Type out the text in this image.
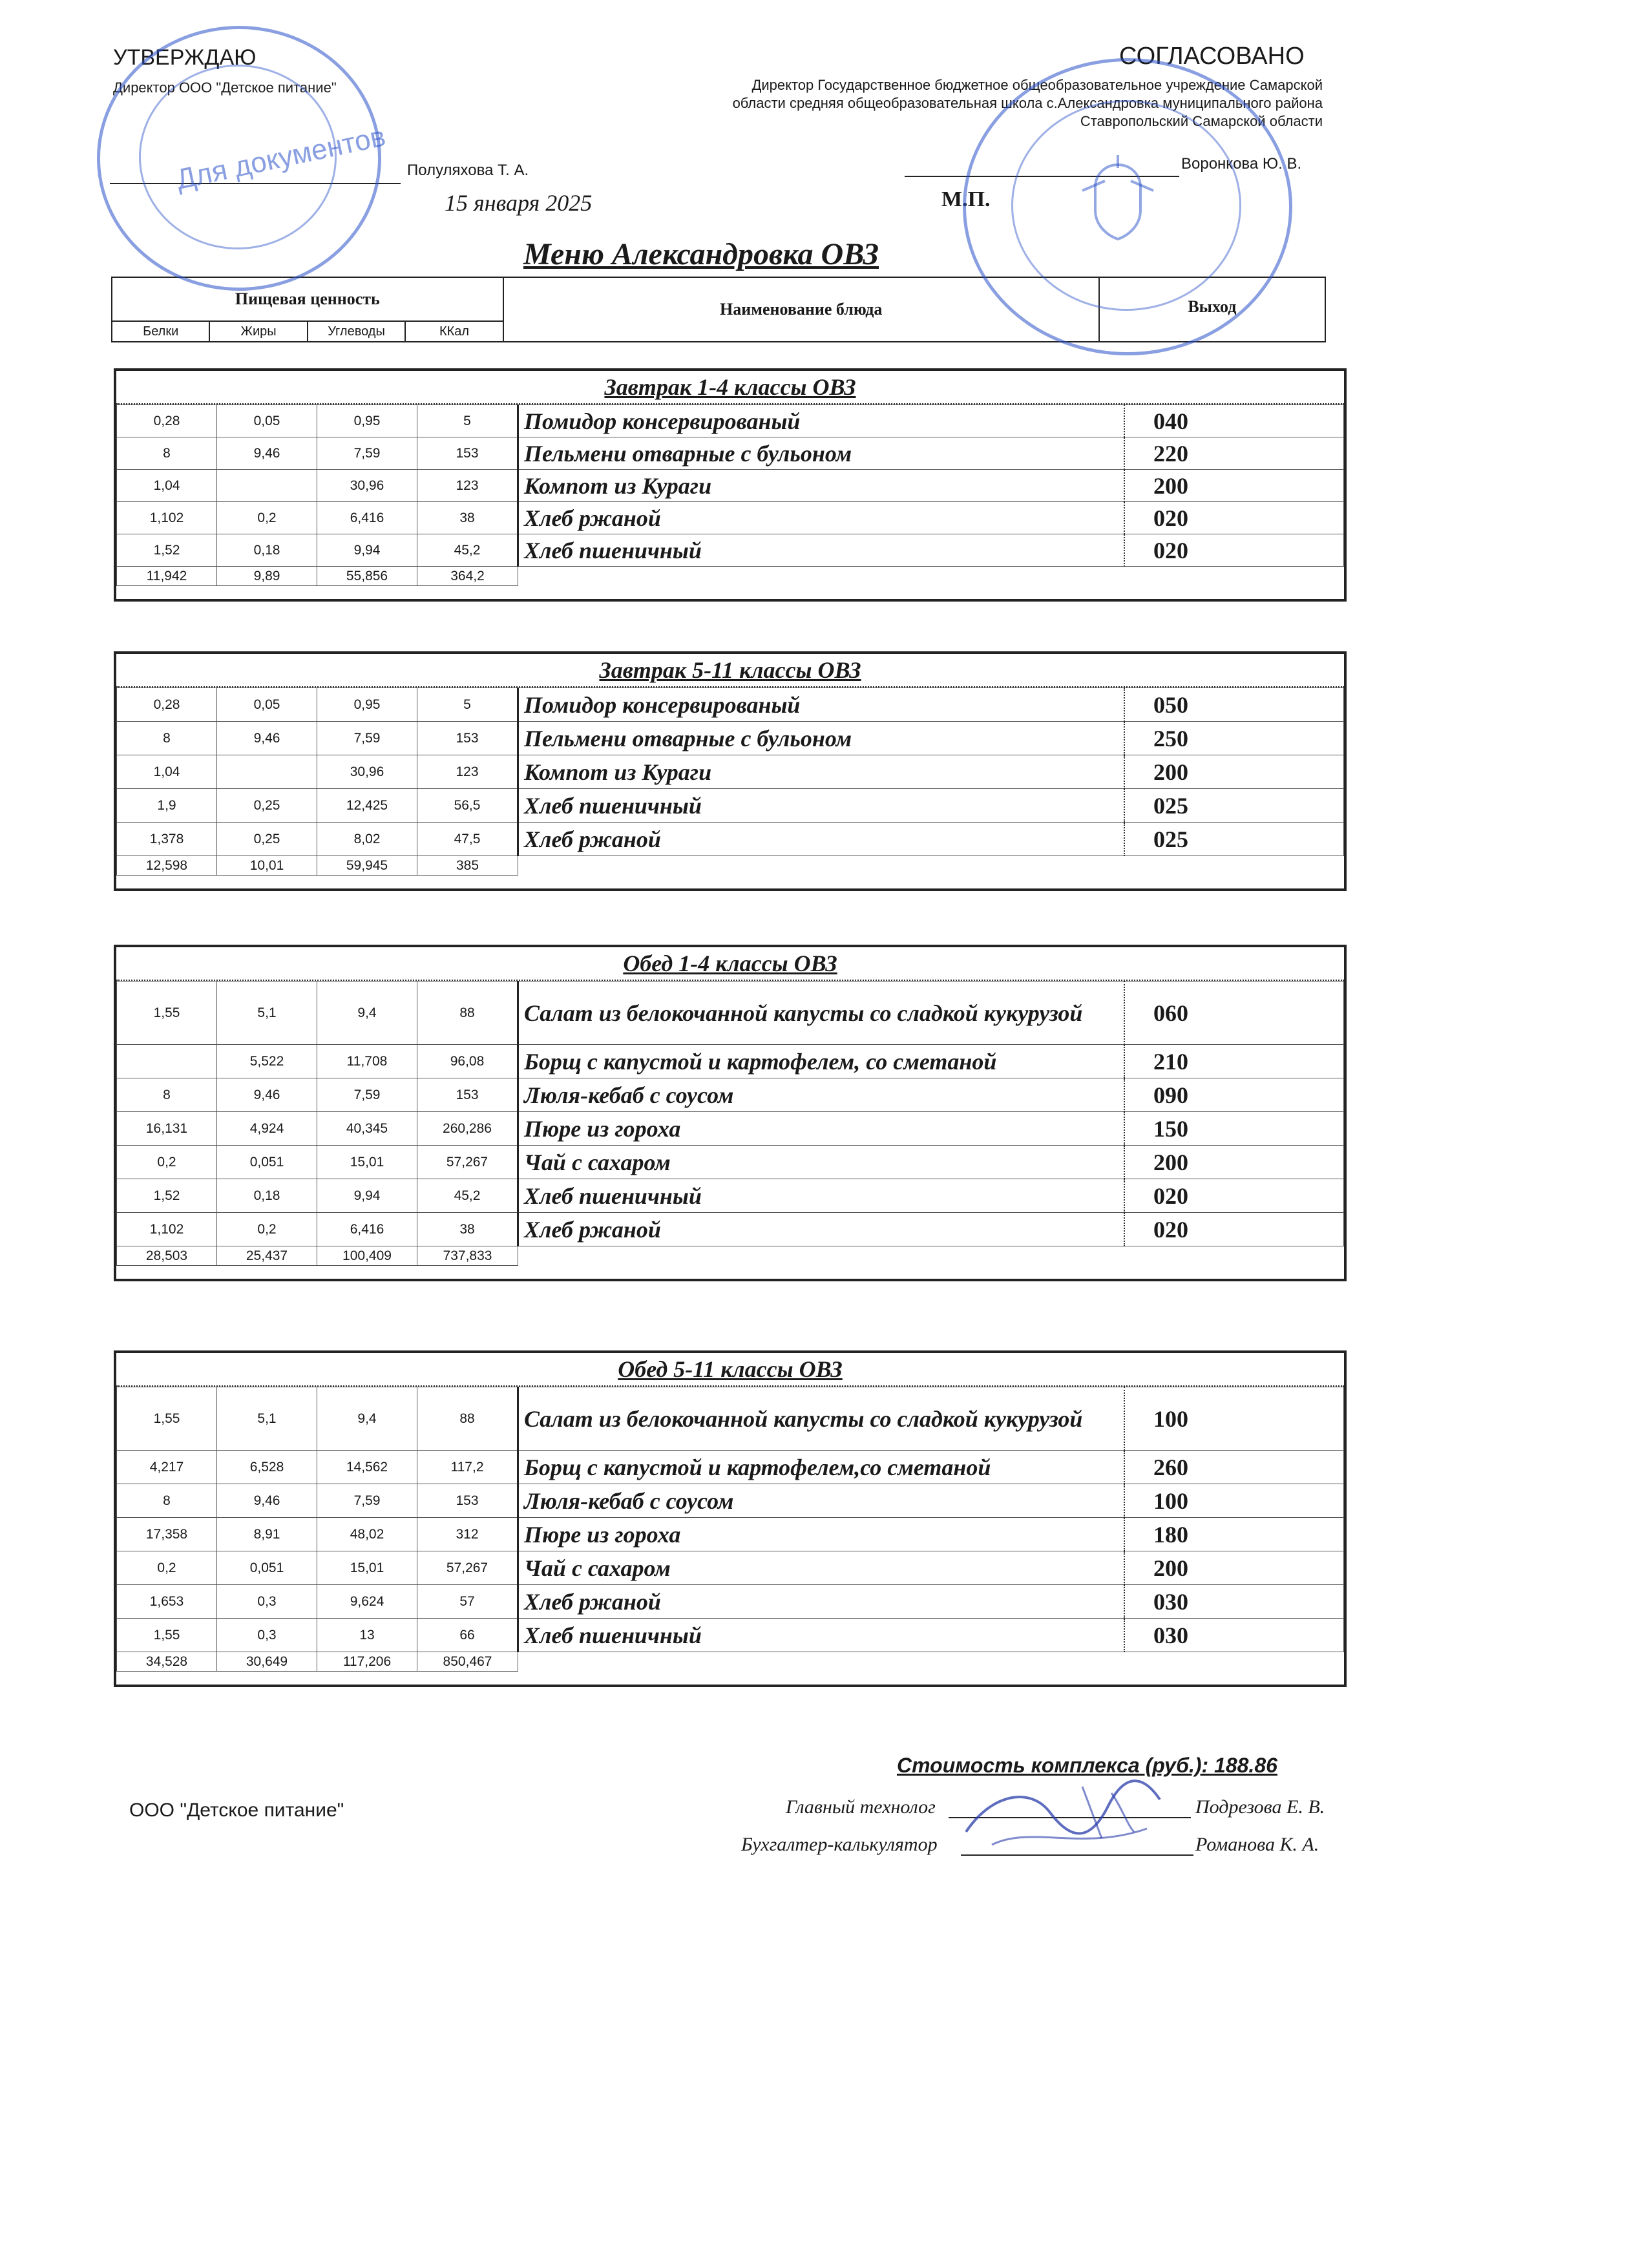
УТВЕРЖДАЮ
Директор ООО "Детское питание"
Полуляхова Т. А.
15 января 2025
СОГЛАСОВАНО
Директор Государственное бюджетное общеобразовательное учреждение Самарской
области средняя общеобразовательная школа с.Александровка муниципального района
Ставропольский Самарской области
Воронкова Ю. В.
М.П.
Меню Александровка ОВЗ
Пищевая ценность				Наименование блюда	Выход
Белки	Жиры	Углеводы	ККал		
Завтрак 1-4 классы ОВЗ
0,28	0,05	0,95	5	Помидор консервированый	040
8	9,46	7,59	153	Пельмени отварные с бульоном	220
1,04		30,96	123	Компот из Кураги	200
1,102	0,2	6,416	38	Хлеб ржаной	020
1,52	0,18	9,94	45,2	Хлеб пшеничный	020
11,942	9,89	55,856	364,2		
Завтрак 5-11 классы ОВЗ
0,28	0,05	0,95	5	Помидор консервированый	050
8	9,46	7,59	153	Пельмени отварные с бульоном	250
1,04		30,96	123	Компот из Кураги	200
1,9	0,25	12,425	56,5	Хлеб пшеничный	025
1,378	0,25	8,02	47,5	Хлеб ржаной	025
12,598	10,01	59,945	385		
Обед 1-4 классы ОВЗ
1,55	5,1	9,4	88	Салат из белокочанной капусты со сладкой кукурузой	060
	5,522	11,708	96,08	Борщ с капустой и картофелем, со сметаной	210
8	9,46	7,59	153	Люля-кебаб с соусом	090
16,131	4,924	40,345	260,286	Пюре из гороха	150
0,2	0,051	15,01	57,267	Чай с сахаром	200
1,52	0,18	9,94	45,2	Хлеб пшеничный	020
1,102	0,2	6,416	38	Хлеб ржаной	020
28,503	25,437	100,409	737,833		
Обед 5-11 классы ОВЗ
1,55	5,1	9,4	88	Салат из белокочанной капусты со сладкой кукурузой	100
4,217	6,528	14,562	117,2	Борщ с капустой и картофелем,со сметаной	260
8	9,46	7,59	153	Люля-кебаб с соусом	100
17,358	8,91	48,02	312	Пюре из гороха	180
0,2	0,051	15,01	57,267	Чай с сахаром	200
1,653	0,3	9,624	57	Хлеб ржаной	030
1,55	0,3	13	66	Хлеб пшеничный	030
34,528	30,649	117,206	850,467		
Стоимость комплекса (руб.): 188.86
ООО "Детское питание"	Главный технолог	Подрезова Е. В.
Бухгалтер-калькулятор	Романова К. А.
Для документов
